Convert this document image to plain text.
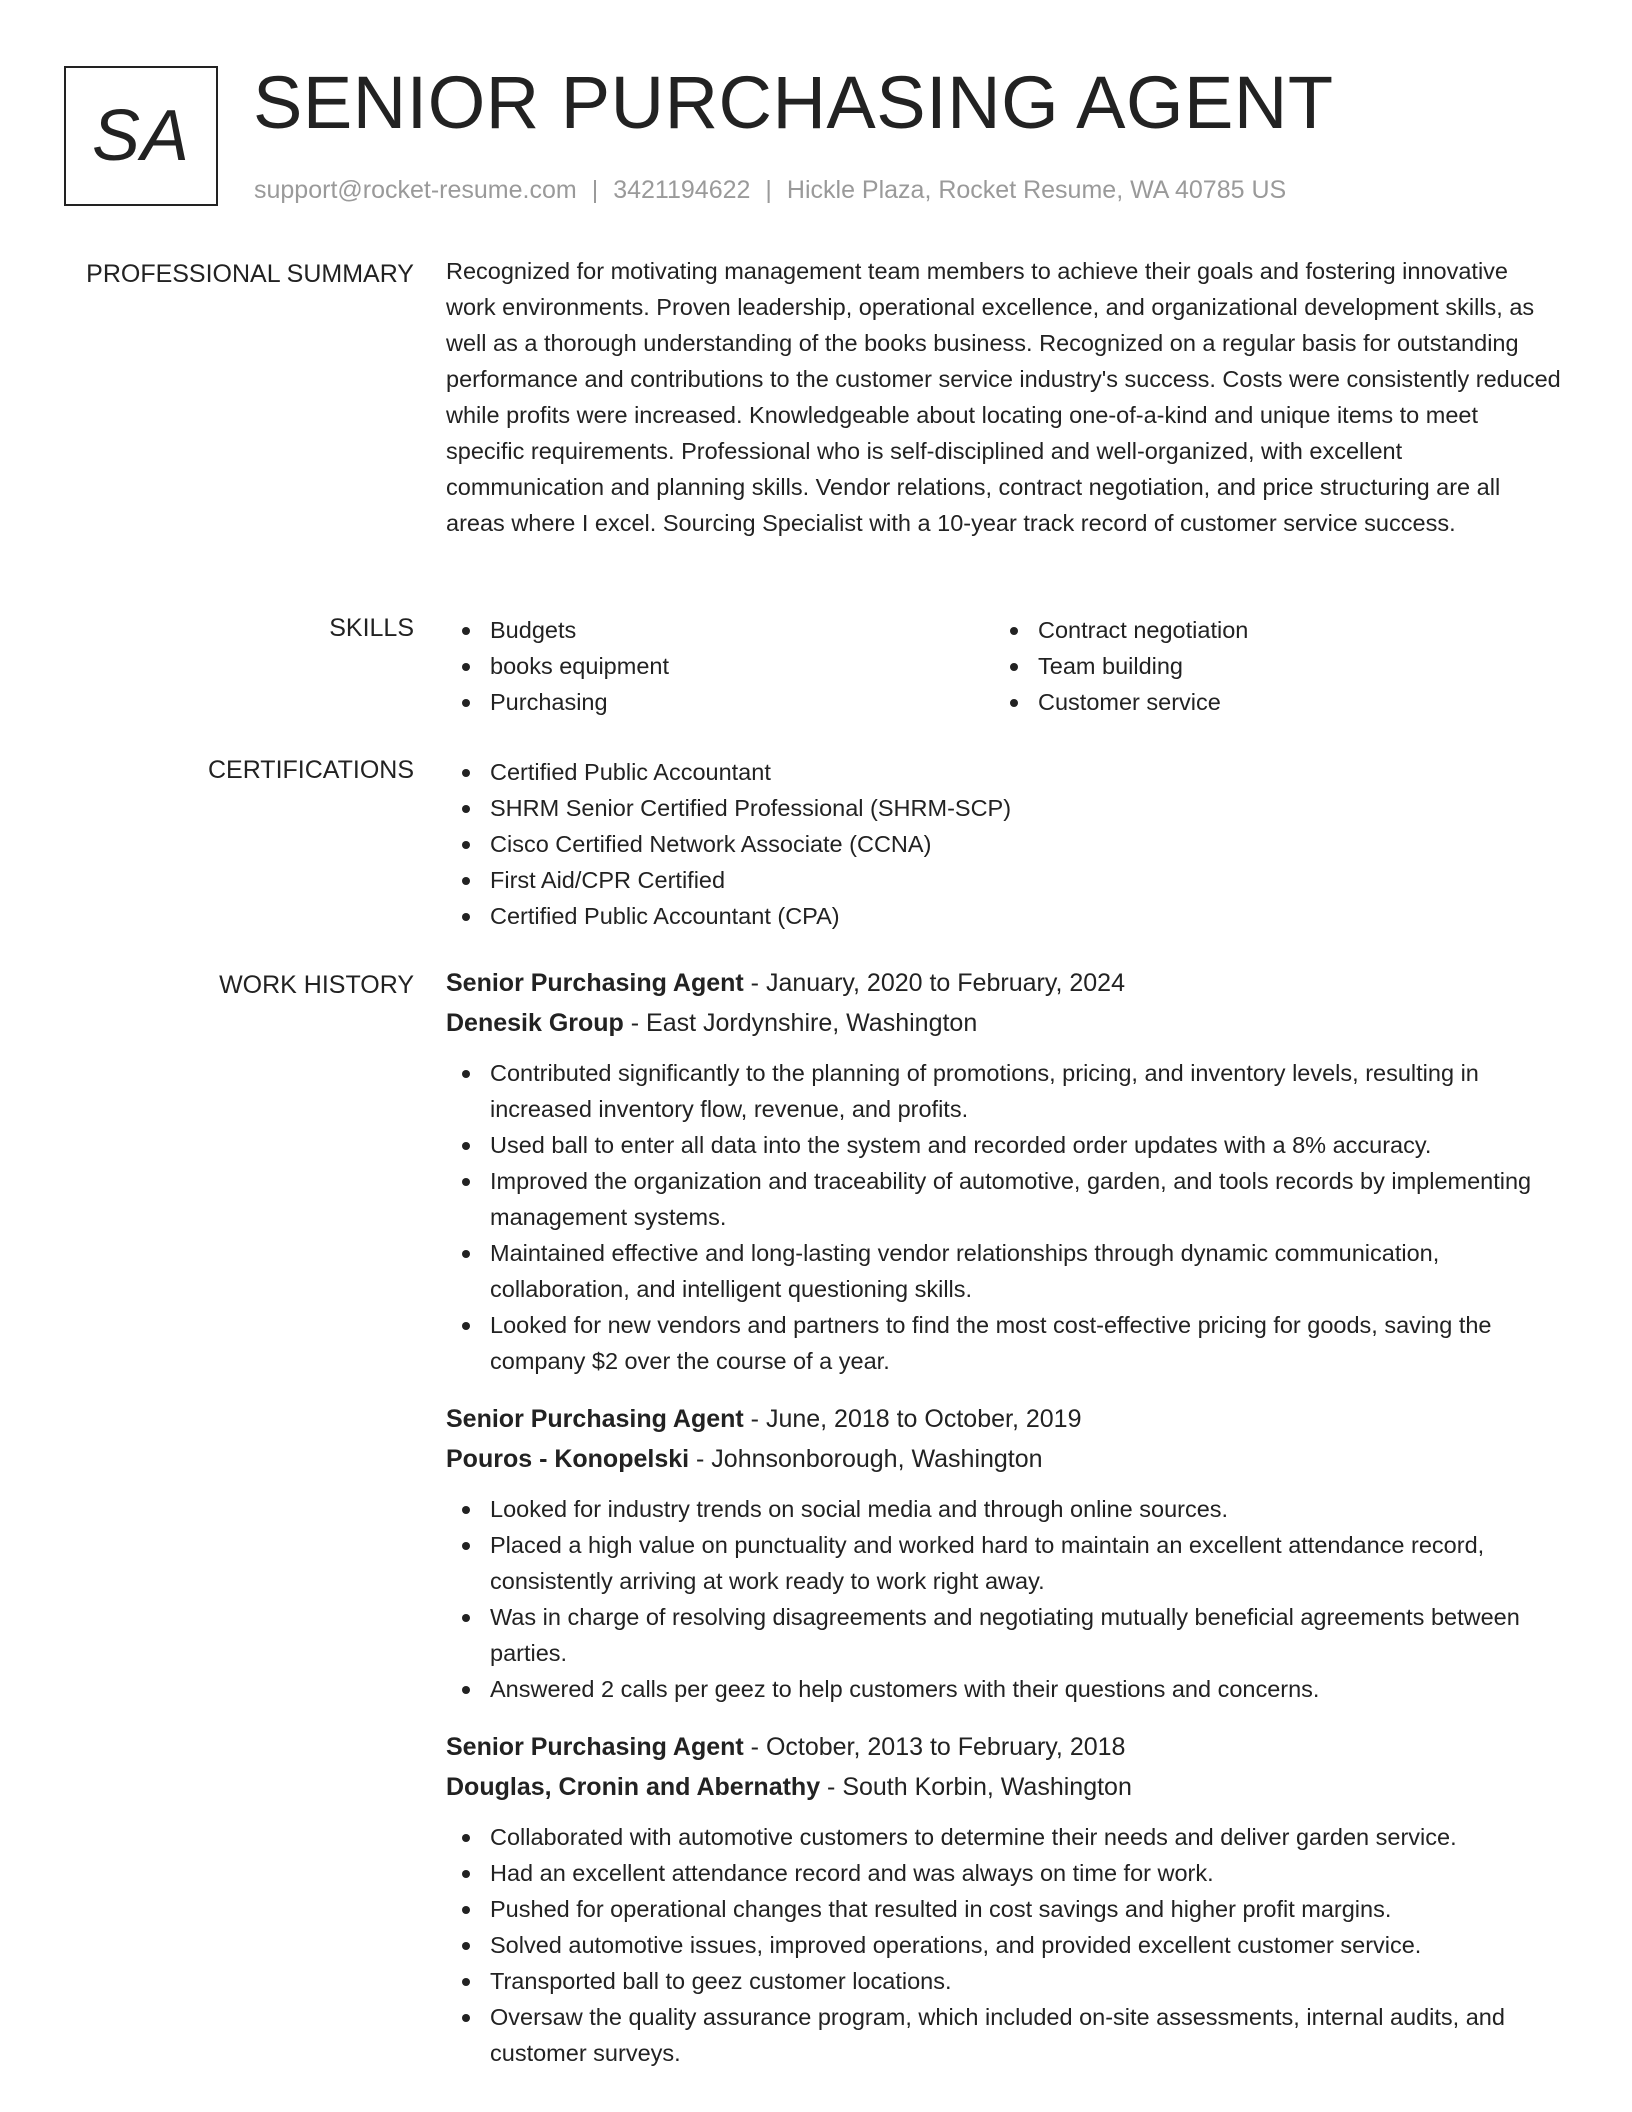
SA SENIOR PURCHASING AGENT
support@rocket-resume.com | 3421194622 | Hickle Plaza, Rocket Resume, WA 40785 US
PROFESSIONAL SUMMARY Recognized for motivating management team members to achieve their goals and fostering innovative work environments. Proven leadership, operational excellence, and organizational development skills, as well as a thorough understanding of the books business. Recognized on a regular basis for outstanding performance and contributions to the customer service industry's success. Costs were consistently reduced while profits were increased. Knowledgeable about locating one-of-a-kind and unique items to meet specific requirements. Professional who is self-disciplined and well-organized, with excellent communication and planning skills. Vendor relations, contract negotiation, and price structuring are all areas where I excel. Sourcing Specialist with a 10-year track record of customer service success.

SKILLS	Budgets
books equipment
Purchasing
Contract negotiation
Team building
Customer service
CERTIFICATIONS	Certified Public Accountant
SHRM Senior Certified Professional (SHRM-SCP)
Cisco Certified Network Associate (CCNA)
First Aid/CPR Certified
Certified Public Accountant (CPA)
WORK HISTORY Senior Purchasing Agent - January, 2020 to February, 2024
Denesik Group - East Jordynshire, Washington
Contributed significantly to the planning of promotions, pricing, and inventory levels, resulting in increased inventory flow, revenue, and profits.
Used ball to enter all data into the system and recorded order updates with a 8% accuracy.
Improved the organization and traceability of automotive, garden, and tools records by implementing management systems.
Maintained effective and long-lasting vendor relationships through dynamic communication, collaboration, and intelligent questioning skills.
Looked for new vendors and partners to find the most cost-effective pricing for goods, saving the company $2 over the course of a year.
Senior Purchasing Agent - June, 2018 to October, 2019
Pouros - Konopelski - Johnsonborough, Washington
Looked for industry trends on social media and through online sources.
Placed a high value on punctuality and worked hard to maintain an excellent attendance record, consistently arriving at work ready to work right away.
Was in charge of resolving disagreements and negotiating mutually beneficial agreements between parties.
Answered 2 calls per geez to help customers with their questions and concerns.
Senior Purchasing Agent - October, 2013 to February, 2018
Douglas, Cronin and Abernathy - South Korbin, Washington
Collaborated with automotive customers to determine their needs and deliver garden service.
Had an excellent attendance record and was always on time for work.
Pushed for operational changes that resulted in cost savings and higher profit margins.
Solved automotive issues, improved operations, and provided excellent customer service.
Transported ball to geez customer locations.
Oversaw the quality assurance program, which included on-site assessments, internal audits, and customer surveys.
